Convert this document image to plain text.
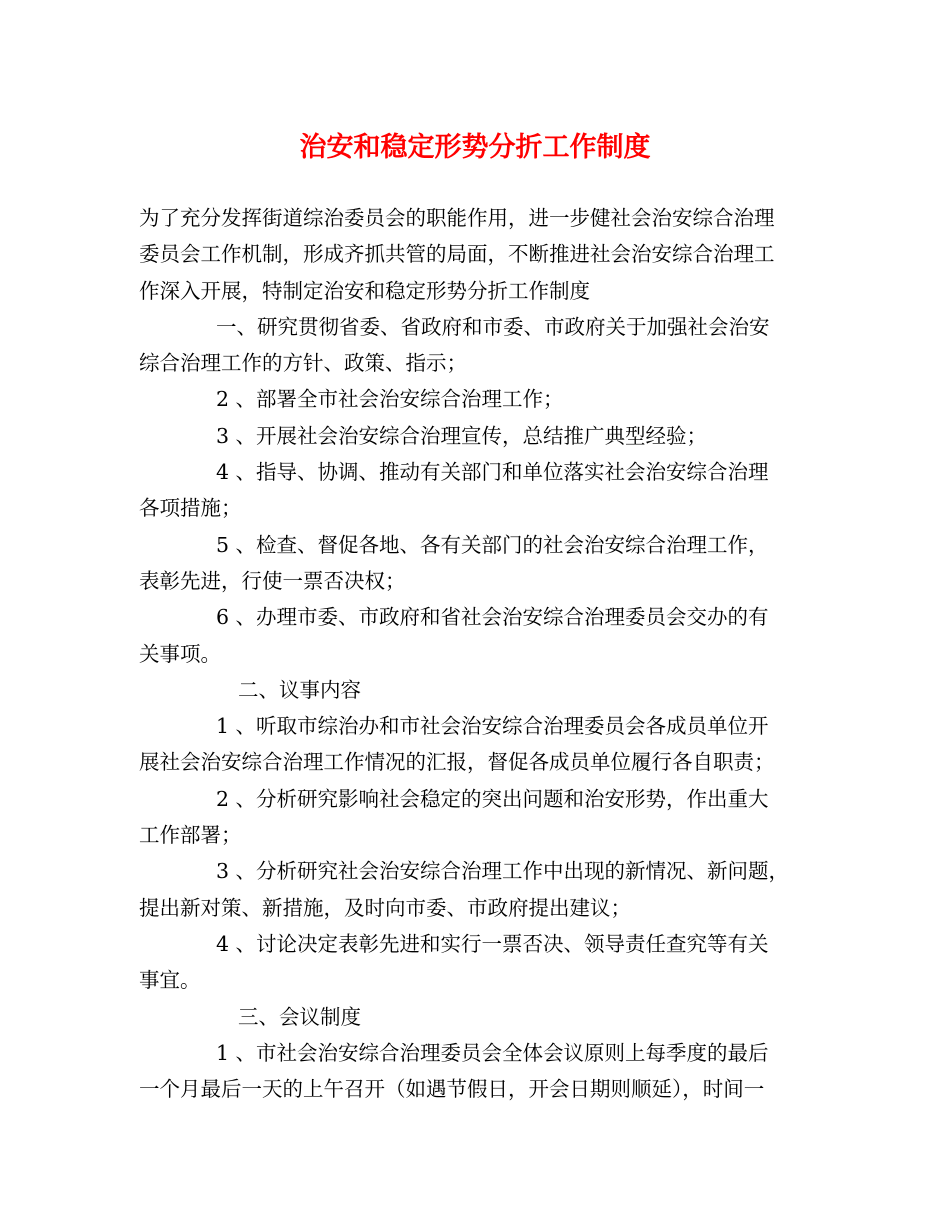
治安和稳定形势分折工作制度
为了充分发挥街道综治委员会的职能作用，进一步健社会治安综合治理
委员会工作机制，形成齐抓共管的局面，不断推进社会治安综合治理工
作深入开展，特制定治安和稳定形势分折工作制度
一、研究贯彻省委、省政府和市委、市政府关于加强社会治安
综合治理工作的方针、政策、指示；
2 、部署全市社会治安综合治理工作；
3 、开展社会治安综合治理宣传，总结推广典型经验；
4 、指导、协调、推动有关部门和单位落实社会治安综合治理
各项措施；
5 、检查、督促各地、各有关部门的社会治安综合治理工作，
表彰先进，行使一票否决权；
6 、办理市委、市政府和省社会治安综合治理委员会交办的有
关事项。
二、议事内容
1 、听取市综治办和市社会治安综合治理委员会各成员单位开
展社会治安综合治理工作情况的汇报，督促各成员单位履行各自职责；
2 、分析研究影响社会稳定的突出问题和治安形势，作出重大
工作部署；
3 、分析研究社会治安综合治理工作中出现的新情况、新问题，
提出新对策、新措施，及时向市委、市政府提出建议；
4 、讨论决定表彰先进和实行一票否决、领导责任查究等有关
事宜。
三、会议制度
1 、市社会治安综合治理委员会全体会议原则上每季度的最后
一个月最后一天的上午召开（如遇节假日，开会日期则顺延），时间一
